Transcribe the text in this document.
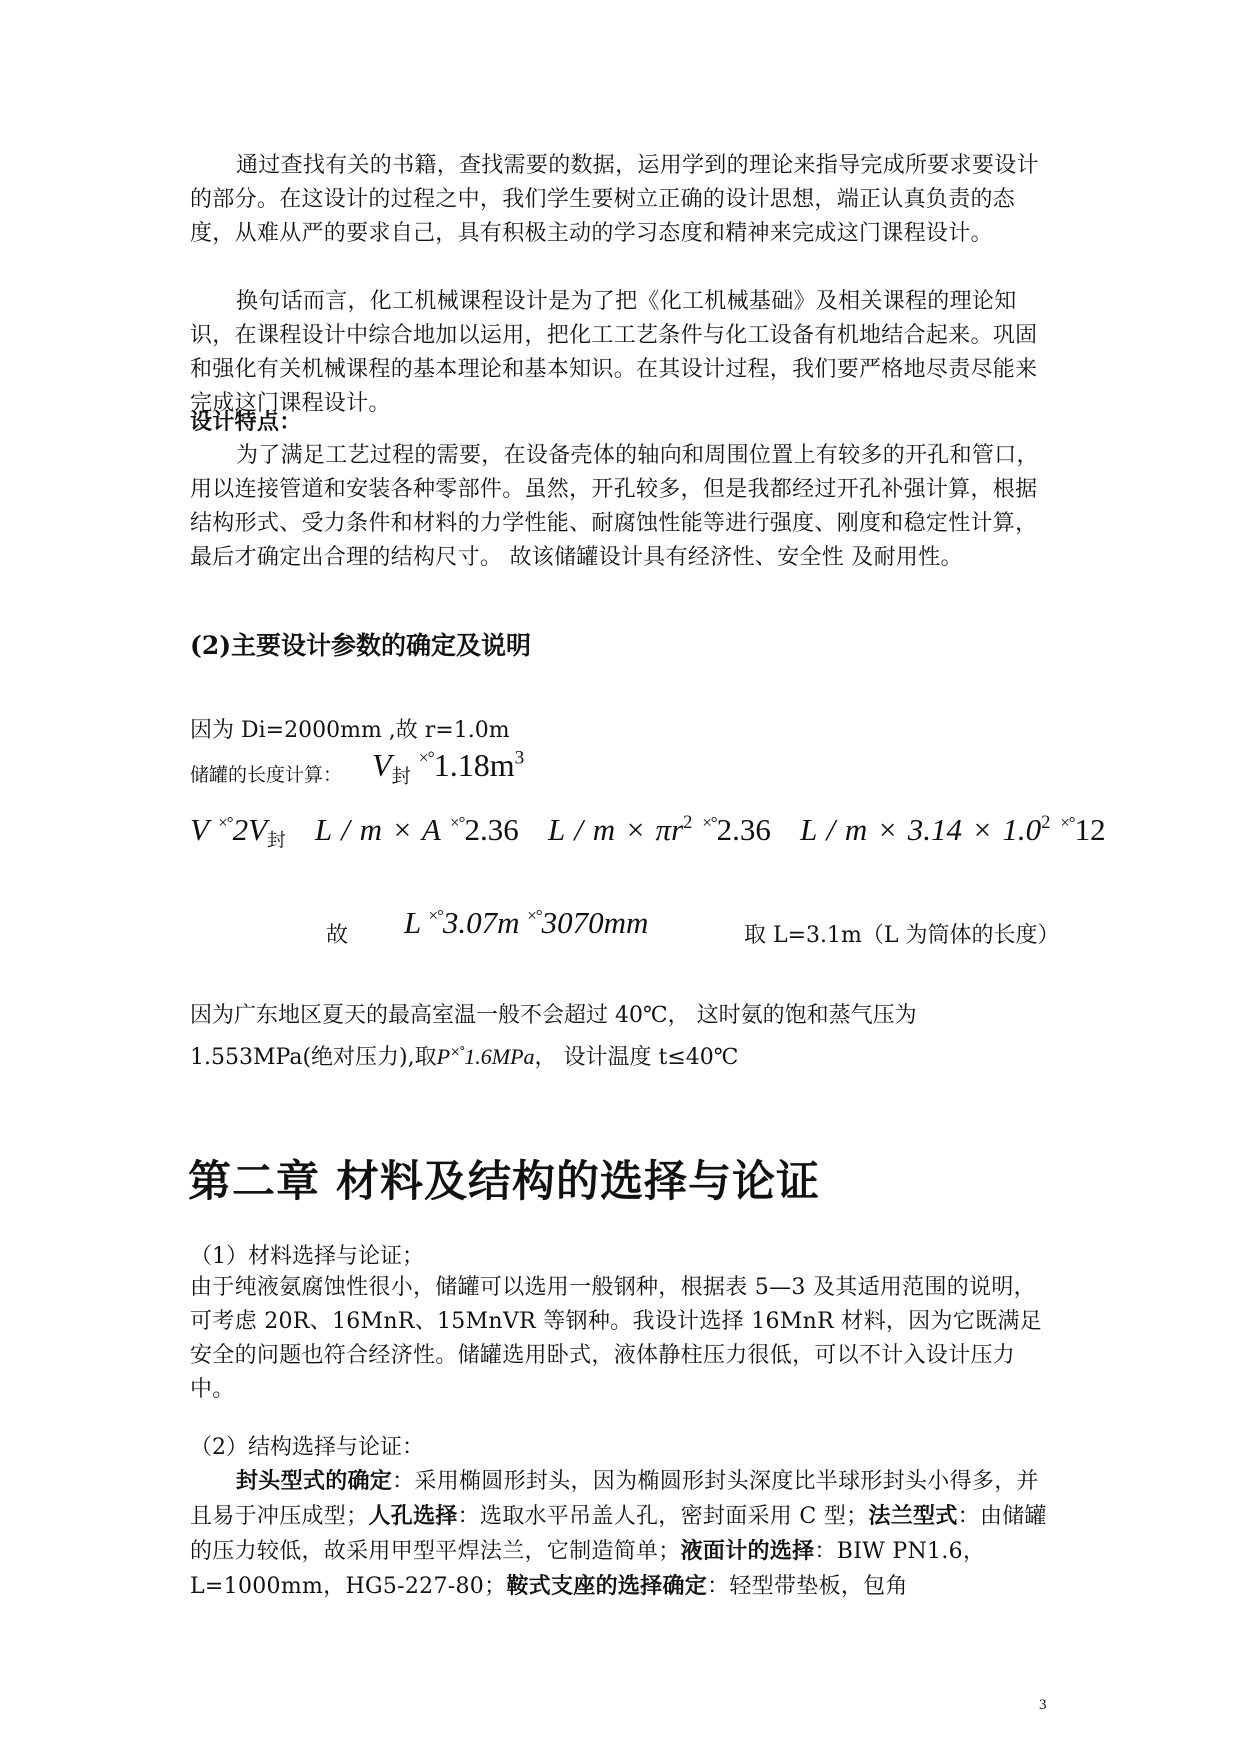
通过查找有关的书籍，查找需要的数据，运用学到的理论来指导完成所要求要设计的部分。在这设计的过程之中，我们学生要树立正确的设计思想，端正认真负责的态度，从难从严的要求自己，具有积极主动的学习态度和精神来完成这门课程设计。
换句话而言，化工机械课程设计是为了把《化工机械基础》及相关课程的理论知识，在课程设计中综合地加以运用，把化工工艺条件与化工设备有机地结合起来。巩固和强化有关机械课程的基本理论和基本知识。在其设计过程，我们要严格地尽责尽能来完成这门课程设计。
设计特点：
为了满足工艺过程的需要，在设备壳体的轴向和周围位置上有较多的开孔和管口，用以连接管道和安装各种零部件。虽然，开孔较多，但是我都经过开孔补强计算，根据结构形式、受力条件和材料的力学性能、耐腐蚀性能等进行强度、刚度和稳定性计算，最后才确定出合理的结构尺寸。 故该储罐设计具有经济性、安全性 及耐用性。
(2)主要设计参数的确定及说明
因为 Di=2000mm ,故 r=1.0m
储罐的长度计算： $V_封$ $^{\times^\circ}1.18m^3$
V $^{\times^\circ}2V_封$ L / m × A ×°2.36 $L / m \times \pi r^2$ ×°2.36 $L / m \times 3.14 \times 1.0^2$ ×°12
故 L ×°3.07m ×°3070mm	取 L=3.1m（L 为筒体的长度）
因为广东地区夏天的最高室温一般不会超过 40℃， 这时氨的饱和蒸气压为
1.553MPa(绝对压力),取P×°1.6MPa， 设计温度 t≤40℃
第二章 材料及结构的选择与论证
（1）材料选择与论证；
由于纯液氨腐蚀性很小，储罐可以选用一般钢种，根据表 5—3 及其适用范围的说明，可考虑 20R、16MnR、15MnVR 等钢种。我设计选择 16MnR 材料，因为它既满足安全的问题也符合经济性。储罐选用卧式，液体静柱压力很低，可以不计入设计压力中。
（2）结构选择与论证：
封头型式的确定：采用椭圆形封头，因为椭圆形封头深度比半球形封头小得多，并且易于冲压成型；人孔选择：选取水平吊盖人孔，密封面采用 C 型；法兰型式：由储罐的压力较低，故采用甲型平焊法兰，它制造简单；液面计的选择：BIW PN1.6，L=1000mm，HG5-227-80；鞍式支座的选择确定：轻型带垫板，包角
3
